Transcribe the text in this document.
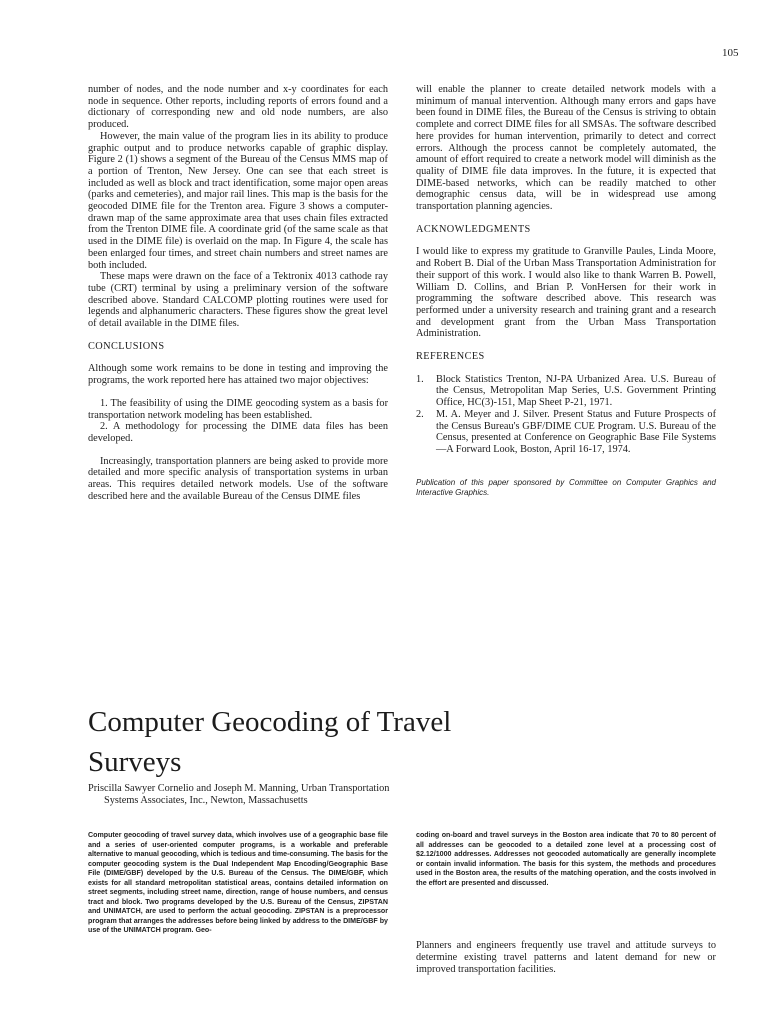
105

number of nodes, and the node number and x-y coordinates for each node in sequence. Other reports, including reports of errors found and a dictionary of corresponding new and old node numbers, are also produced.

However, the main value of the program lies in its ability to produce graphic output and to produce networks capable of graphic display. Figure 2 (1) shows a segment of the Bureau of the Census MMS map of a portion of Trenton, New Jersey. One can see that each street is included as well as block and tract identification, some major open areas (parks and cemeteries), and major rail lines. This map is the basis for the geocoded DIME file for the Trenton area. Figure 3 shows a computer-drawn map of the same approximate area that uses chain files extracted from the Trenton DIME file. A coordinate grid (of the same scale as that used in the DIME file) is overlaid on the map. In Figure 4, the scale has been enlarged four times, and street chain numbers and street names are both included.

These maps were drawn on the face of a Tektronix 4013 cathode ray tube (CRT) terminal by using a preliminary version of the software described above. Standard CALCOMP plotting routines were used for legends and alphanumeric characters. These figures show the great level of detail available in the DIME files.

CONCLUSIONS

Although some work remains to be done in testing and improving the programs, the work reported here has attained two major objectives:

1. The feasibility of using the DIME geocoding system as a basis for transportation network modeling has been established.

2. A methodology for processing the DIME data files has been developed.

Increasingly, transportation planners are being asked to provide more detailed and more specific analysis of transportation systems in urban areas. This requires detailed network models. Use of the software described here and the available Bureau of the Census DIME files

will enable the planner to create detailed network models with a minimum of manual intervention. Although many errors and gaps have been found in DIME files, the Bureau of the Census is striving to obtain complete and correct DIME files for all SMSAs. The software described here provides for human intervention, primarily to detect and correct errors. Although the process cannot be completely automated, the amount of effort required to create a network model will diminish as the quality of DIME file data improves. In the future, it is expected that DIME-based networks, which can be readily matched to other demographic census data, will be in widespread use among transportation planning agencies.

ACKNOWLEDGMENTS

I would like to express my gratitude to Granville Paules, Linda Moore, and Robert B. Dial of the Urban Mass Transportation Administration for their support of this work. I would also like to thank Warren B. Powell, William D. Collins, and Brian P. VonHersen for their work in programming the software described above. This research was performed under a university research and training grant and a research and development grant from the Urban Mass Transportation Administration.

REFERENCES
1. Block Statistics Trenton, NJ-PA Urbanized Area. U.S. Bureau of the Census, Metropolitan Map Series, U.S. Government Printing Office, HC(3)-151, Map Sheet P-21, 1971.
2. M. A. Meyer and J. Silver. Present Status and Future Prospects of the Census Bureau's GBF/DIME CUE Program. U.S. Bureau of the Census, presented at Conference on Geographic Base File Systems—A Forward Look, Boston, April 16-17, 1974.

Publication of this paper sponsored by Committee on Computer Graphics and Interactive Graphics.

Computer Geocoding of Travel
Surveys
Priscilla Sawyer Cornelio and Joseph M. Manning, Urban Transportation
Systems Associates, Inc., Newton, Massachusetts

Computer geocoding of travel survey data, which involves use of a geographic base file and a series of user-oriented computer programs, is a workable and preferable alternative to manual geocoding, which is tedious and time-consuming. The basis for the computer geocoding system is the Dual Independent Map Encoding/Geographic Base File (DIME/GBF) developed by the U.S. Bureau of the Census. The DIME/GBF, which exists for all standard metropolitan statistical areas, contains detailed information on street segments, including street name, direction, range of house numbers, and census tract and block. Two programs developed by the U.S. Bureau of the Census, ZIPSTAN and UNIMATCH, are used to perform the actual geocoding. ZIPSTAN is a preprocessor program that arranges the addresses before being linked by address to the DIME/GBF by use of the UNIMATCH program. Geo-

coding on-board and travel surveys in the Boston area indicate that 70 to 80 percent of all addresses can be geocoded to a detailed zone level at a processing cost of $2.12/1000 addresses. Addresses not geocoded automatically are generally incomplete or contain invalid information. The basis for this system, the methods and procedures used in the Boston area, the results of the matching operation, and the costs involved in the effort are presented and discussed.

Planners and engineers frequently use travel and attitude surveys to determine existing travel patterns and latent demand for new or improved transportation facilities.
